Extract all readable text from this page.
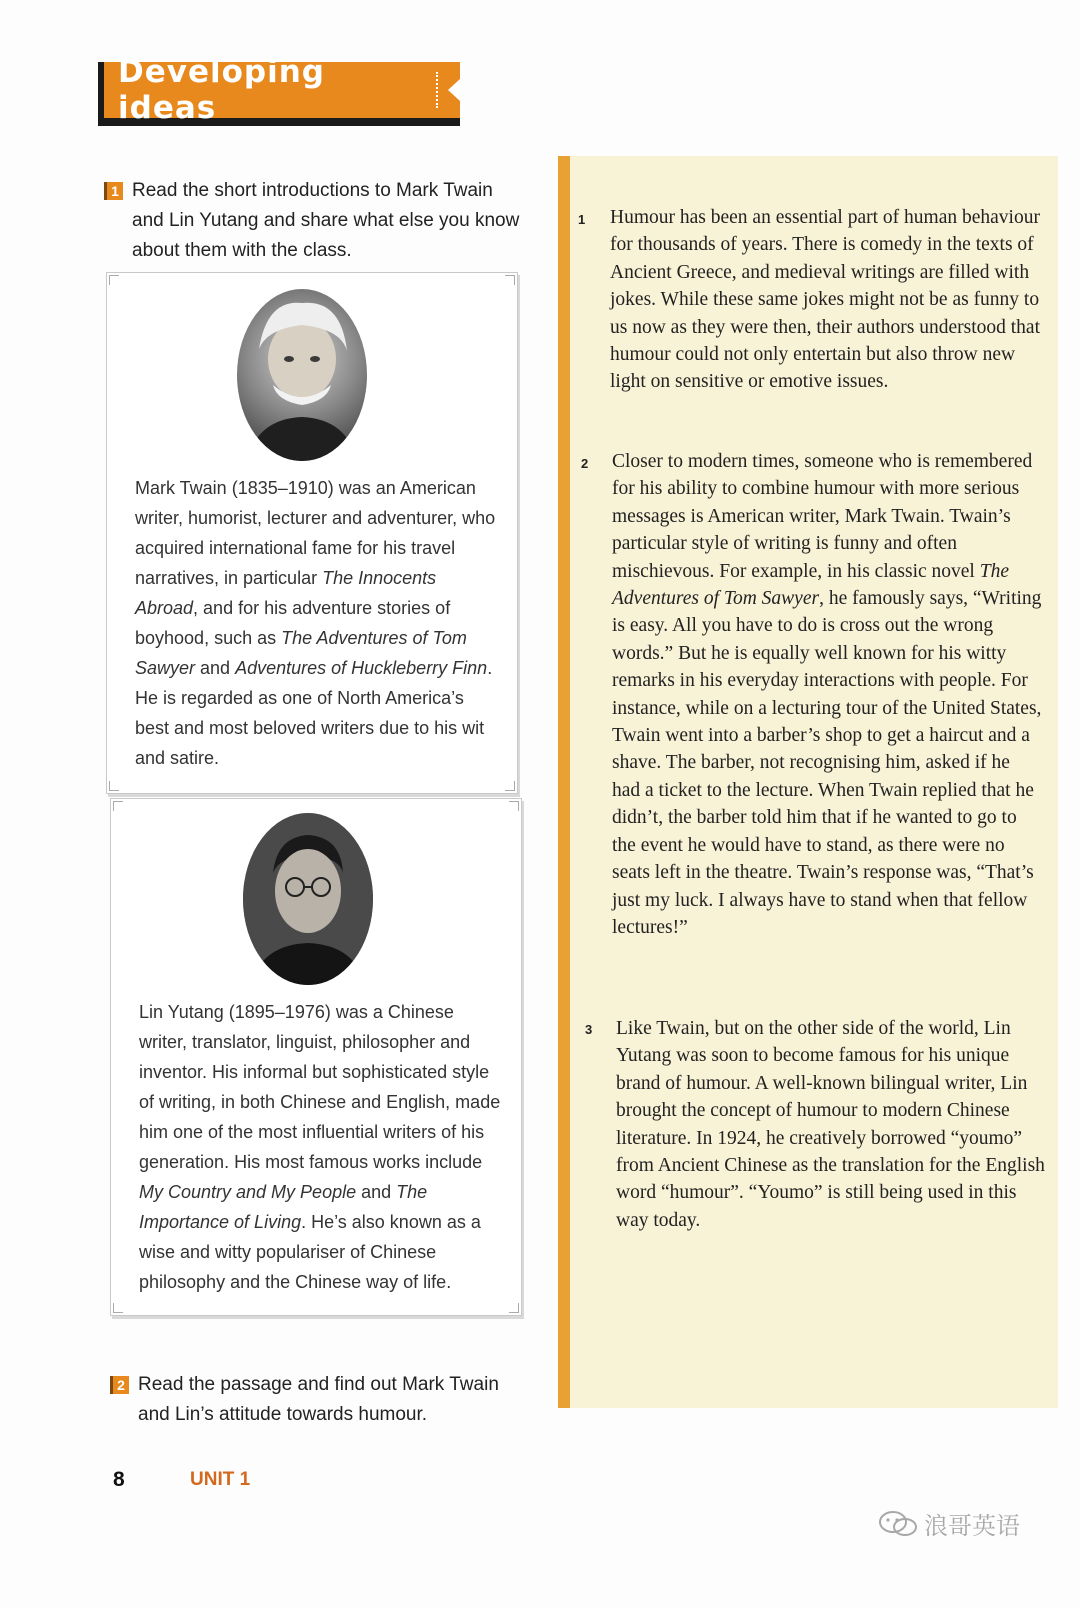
Developing ideas
1 Read the short introductions to Mark Twain and Lin Yutang and share what else you know about them with the class.
Mark Twain (1835–1910) was an American writer, humorist, lecturer and adventurer, who acquired international fame for his travel narratives, in particular The Innocents Abroad, and for his adventure stories of boyhood, such as The Adventures of Tom Sawyer and Adventures of Huckleberry Finn. He is regarded as one of North America’s best and most beloved writers due to his wit and satire.
Lin Yutang (1895–1976) was a Chinese writer, translator, linguist, philosopher and inventor. His informal but sophisticated style of writing, in both Chinese and English, made him one of the most influential writers of his generation. His most famous works include My Country and My People and The Importance of Living. He’s also known as a wise and witty populariser of Chinese philosophy and the Chinese way of life.
2 Read the passage and find out Mark Twain and Lin’s attitude towards humour.
1 Humour has been an essential part of human behaviour for thousands of years. There is comedy in the texts of Ancient Greece, and medieval writings are filled with jokes. While these same jokes might not be as funny to us now as they were then, their authors understood that humour could not only entertain but also throw new light on sensitive or emotive issues.
2 Closer to modern times, someone who is remembered for his ability to combine humour with more serious messages is American writer, Mark Twain. Twain’s particular style of writing is funny and often mischievous. For example, in his classic novel The Adventures of Tom Sawyer, he famously says, “Writing is easy. All you have to do is cross out the wrong words.” But he is equally well known for his witty remarks in his everyday interactions with people. For instance, while on a lecturing tour of the United States, Twain went into a barber’s shop to get a haircut and a shave. The barber, not recognising him, asked if he had a ticket to the lecture. When Twain replied that he didn’t, the barber told him that if he wanted to go to the event he would have to stand, as there were no seats left in the theatre. Twain’s response was, “That’s just my luck. I always have to stand when that fellow lectures!”
3 Like Twain, but on the other side of the world, Lin Yutang was soon to become famous for his unique brand of humour. A well-known bilingual writer, Lin brought the concept of humour to modern Chinese literature. In 1924, he creatively borrowed “youmo” from Ancient Chinese as the translation for the English word “humour”. “Youmo” is still being used in this way today.
8	UNIT 1
浪哥英语
